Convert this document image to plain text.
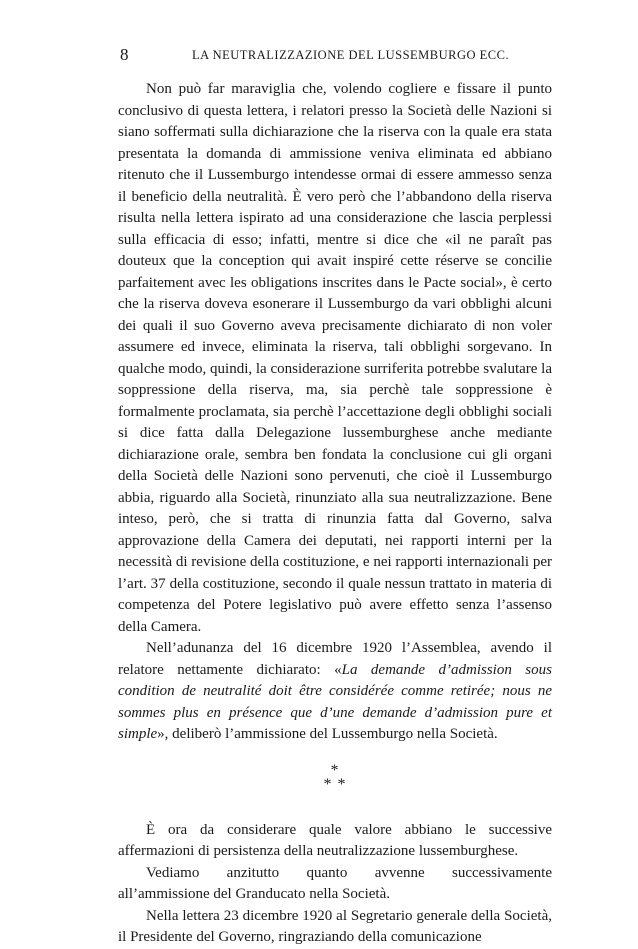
8	LA NEUTRALIZZAZIONE DEL LUSSEMBURGO ECC.

Non può far maraviglia che, volendo cogliere e fissare il punto conclusivo di questa lettera, i relatori presso la Società delle Nazioni si siano soffermati sulla dichiarazione che la riserva con la quale era stata presentata la domanda di ammissione veniva eliminata ed abbiano ritenuto che il Lussemburgo intendesse ormai di essere ammesso senza il beneficio della neutralità. È vero però che l’abbandono della riserva risulta nella lettera ispirato ad una considerazione che lascia perplessi sulla efficacia di esso; infatti, mentre si dice che «il ne paraît pas douteux que la conception qui avait inspiré cette réserve se concilie parfaitement avec les obligations inscrites dans le Pacte social», è certo che la riserva doveva esonerare il Lussemburgo da vari obblighi alcuni dei quali il suo Governo aveva precisamente dichiarato di non voler assumere ed invece, eliminata la riserva, tali obblighi sorgevano. In qualche modo, quindi, la considerazione surriferita potrebbe svalutare la soppressione della riserva, ma, sia perchè tale soppressione è formalmente proclamata, sia perchè l’accettazione degli obblighi sociali si dice fatta dalla Delegazione lussemburghese anche mediante dichiarazione orale, sembra ben fondata la conclusione cui gli organi della Società delle Nazioni sono pervenuti, che cioè il Lussemburgo abbia, riguardo alla Società, rinunziato alla sua neutralizzazione. Bene inteso, però, che si tratta di rinunzia fatta dal Governo, salva approvazione della Camera dei deputati, nei rapporti interni per la necessità di revisione della costituzione, e nei rapporti internazionali per l’art. 37 della costituzione, secondo il quale nessun trattato in materia di competenza del Potere legislativo può avere effetto senza l’assenso della Camera.

Nell’adunanza del 16 dicembre 1920 l’Assemblea, avendo il relatore nettamente dichiarato: «La demande d’admission sous condition de neutralité doit être considérée comme retirée; nous ne sommes plus en présence que d’une demande d’admission pure et simple», deliberò l’ammissione del Lussemburgo nella Società.

*
* *

È ora da considerare quale valore abbiano le successive affermazioni di persistenza della neutralizzazione lussemburghese.

Vediamo anzitutto quanto avvenne successivamente all’ammissione del Granducato nella Società.

Nella lettera 23 dicembre 1920 al Segretario generale della Società, il Presidente del Governo, ringraziando della comunicazione
